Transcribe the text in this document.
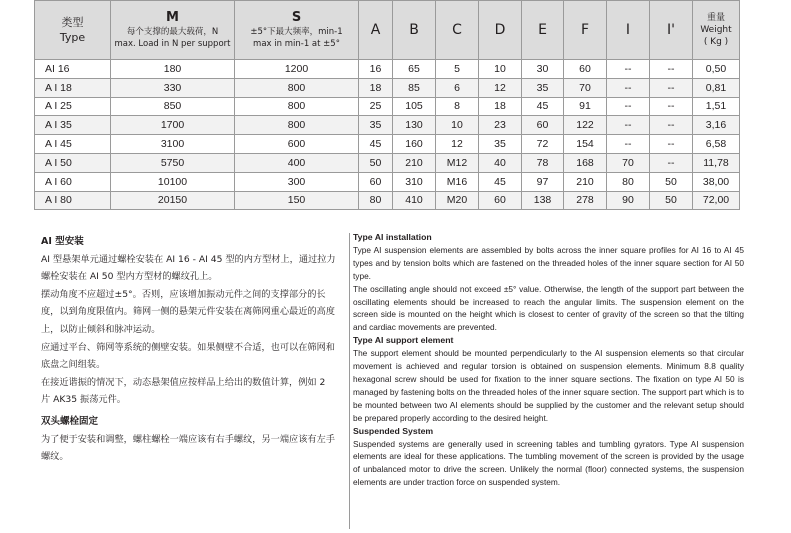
类型
Type	M
每个支撑的最大载荷，N
max. Load in N per support	S
±5°下最大频率，min-1
max in min-1 at ±5°	A	B	C	D	E	F	I	I'	重量
Weight
( Kg )

AI 16	180	1200	16	65	5	10	30	60	--	--	0,50
A I 18	330	800	18	85	6	12	35	70	--	--	0,81
A I 25	850	800	25	105	8	18	45	91	--	--	1,51
A I 35	1700	800	35	130	10	23	60	122	--	--	3,16
A I 45	3100	600	45	160	12	35	72	154	--	--	6,58
A I 50	5750	400	50	210	M12	40	78	168	70	--	11,78
A I 60	10100	300	60	310	M16	45	97	210	80	50	38,00
A I 80	20150	150	80	410	M20	60	138	278	90	50	72,00

AI 型安装

AI 型悬架单元通过螺栓安装在 AI 16 - AI 45 型的内方型材上，通过拉力螺栓安装在 AI 50 型内方型材的螺纹孔上。

摆动角度不应超过±5°。否则，应该增加振动元件之间的支撑部分的长度，以到角度限值内。筛网一侧的悬架元件安装在离筛网重心最近的高度上，以防止倾斜和脉冲运动。

应通过平台、筛网等系统的侧壁安装。如果侧壁不合适，也可以在筛网和底盘之间组装。

在接近谐振的情况下，动态悬架值应按样品上给出的数值计算，例如 2 片 AK35 振荡元件。

双头螺栓固定

为了便于安装和调整，螺柱螺栓一端应该有右手螺纹，另一端应该有左手螺纹。

Type AI installation

Type AI suspension elements are assembled by bolts across the inner square profiles for AI 16 to AI 45 types and by tension bolts which are fastened on the threaded holes of the inner square section for AI 50 type.

The oscillating angle should not exceed ±5° value. Otherwise, the length of the support part between the oscillating elements should be increased to reach the angular limits. The suspension element on the screen side is mounted on the height which is closest to center of gravity of the screen so that the tilting and cardiac movements are prevented.

Type AI support element

The support element should be mounted perpendicularly to the AI suspension elements so that circular movement is achieved and regular torsion is obtained on suspension elements. Minimum 8.8 quality hexagonal screw should be used for fixation to the inner square sections. The fixation on type AI 50 is managed by fastening bolts on the threaded holes of the inner square section. The support part which is to be mounted between two AI elements should be supplied by the customer and the relevant setup should be prepared properly according to the desired height.

Suspended System

Suspended systems are generally used in screening tables and tumbling gyrators. Type AI suspension elements are ideal for these applications. The tumbling movement of the screen is provided by the usage of unbalanced motor to drive the screen. Unlikely the normal (floor) connected systems, the suspension elements are under traction force on suspended system.
